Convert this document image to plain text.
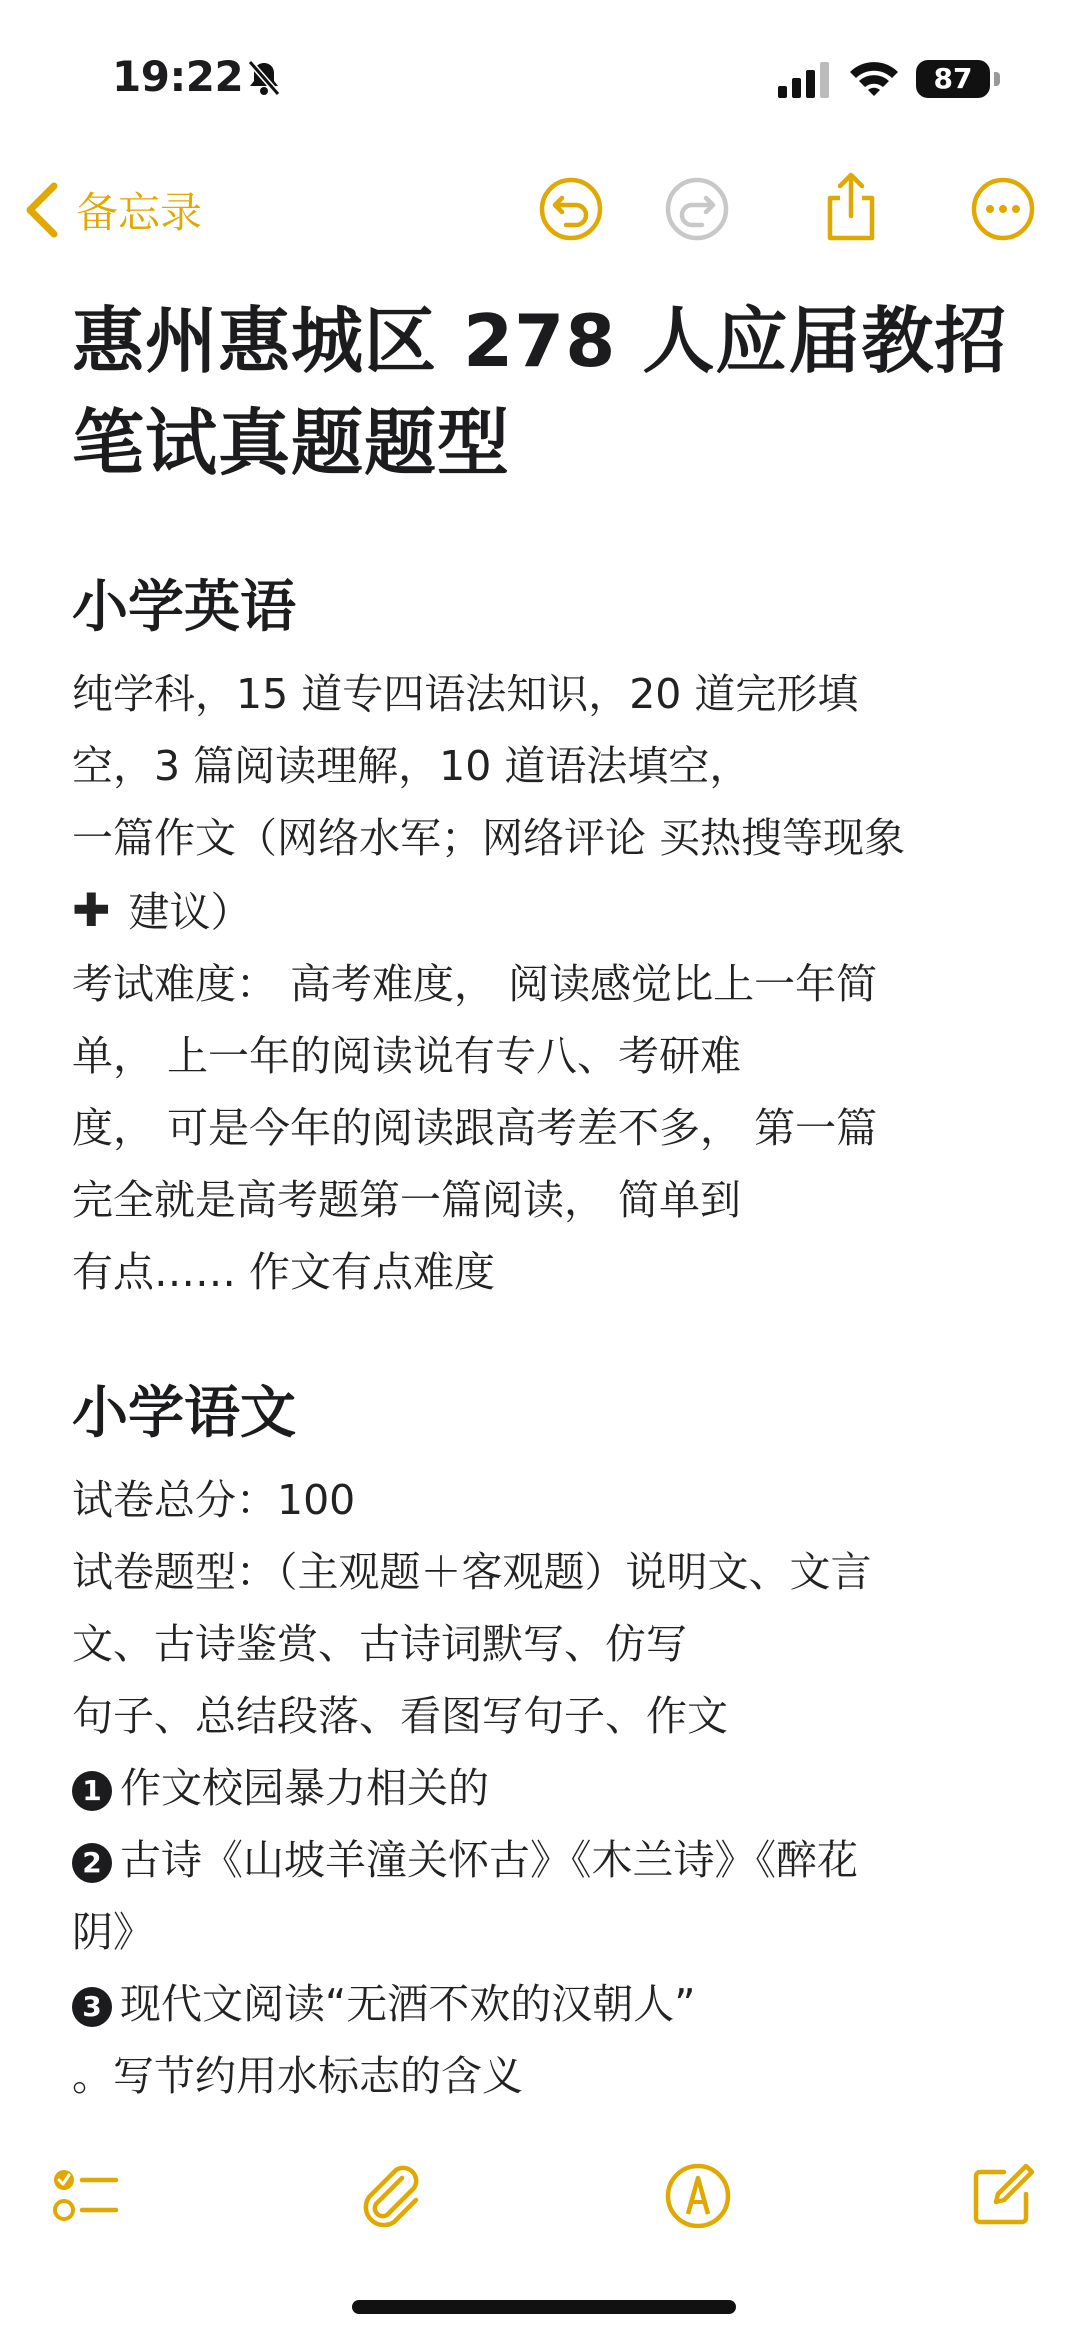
19:22	87
备忘录
惠州惠城区 278 人应届教招
笔试真题题型
小学英语
纯学科，15 道专四语法知识，20 道完形填
空，3 篇阅读理解，10 道语法填空，
一篇作文（网络水军；网络评论 买热搜等现象
✚ 建议）
考试难度： 高考难度， 阅读感觉比上一年简
单， 上一年的阅读说有专八、考研难
度， 可是今年的阅读跟高考差不多， 第一篇
完全就是高考题第一篇阅读， 简单到
有点…… 作文有点难度
小学语文
试卷总分：100
试卷题型：（主观题＋客观题）说明文、文言
文、古诗鉴赏、古诗词默写、仿写
句子、总结段落、看图写句子、作文
1 作文校园暴力相关的
2 古诗《山坡羊潼关怀古》《木兰诗》《醉花
阴》
3 现代文阅读“无酒不欢的汉朝人”
。写节约用水标志的含义
